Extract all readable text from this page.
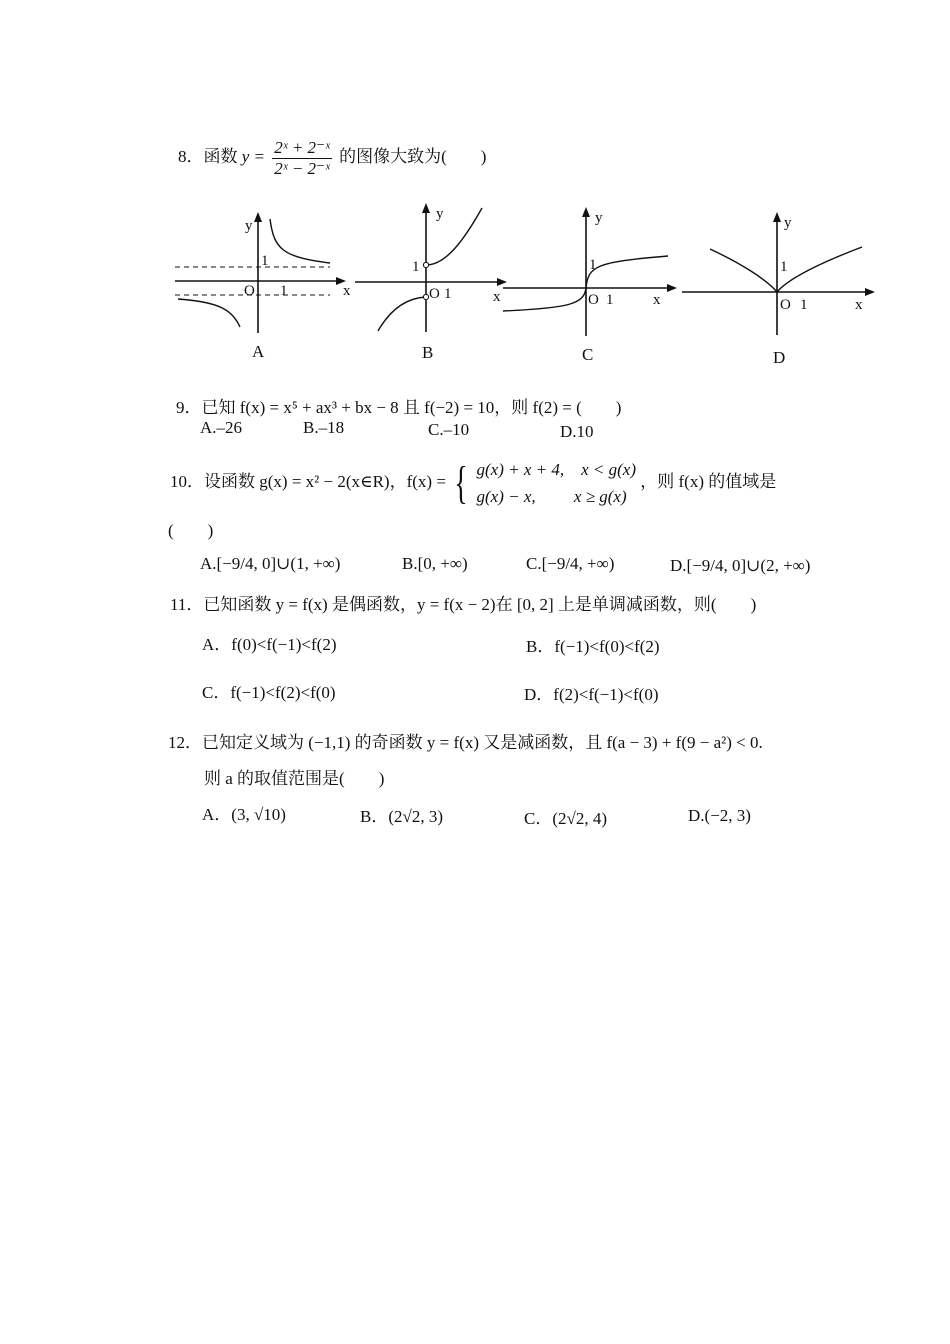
8．函数 $y = \frac{\text{2ˣ + 2⁻ˣ}}{\text{2ˣ − 2⁻ˣ}}$ 的图像大致为(　　)
y
x
O
1
1
A
y
x
1
O 1
B
y
x
1
O 1
C
y
x
1
O 1
D
9．已知 f(x) = x⁵ + ax³ + bx − 8 且 f(−2) = 10，则 f(2) = (　　)
A.–26	B.–18	C.–10	D.10
10．设函数 g(x) = x² − 2(x∈R)，f(x) = { g(x) + x + 4,　x < g(x)
g(x) − x,　　 x ≥ g(x)
，则 f(x) 的值域是
(　　)
A.[−9/4, 0]∪(1, +∞)	B.[0, +∞)	C.[−9/4, +∞)	D.[−9/4, 0]∪(2, +∞)
11．已知函数 y = f(x) 是偶函数，y = f(x − 2)在 [0, 2] 上是单调减函数，则(　　)
A．f(0)<f(−1)<f(2)	B．f(−1)<f(0)<f(2)
C．f(−1)<f(2)<f(0)	D．f(2)<f(−1)<f(0)
12．已知定义域为 (−1,1) 的奇函数 y = f(x) 又是减函数，且 f(a − 3) + f(9 − a²) < 0.
则 a 的取值范围是(　　)
A．(3, √10)	B．(2√2, 3)	C．(2√2, 4)	D.(−2, 3)
